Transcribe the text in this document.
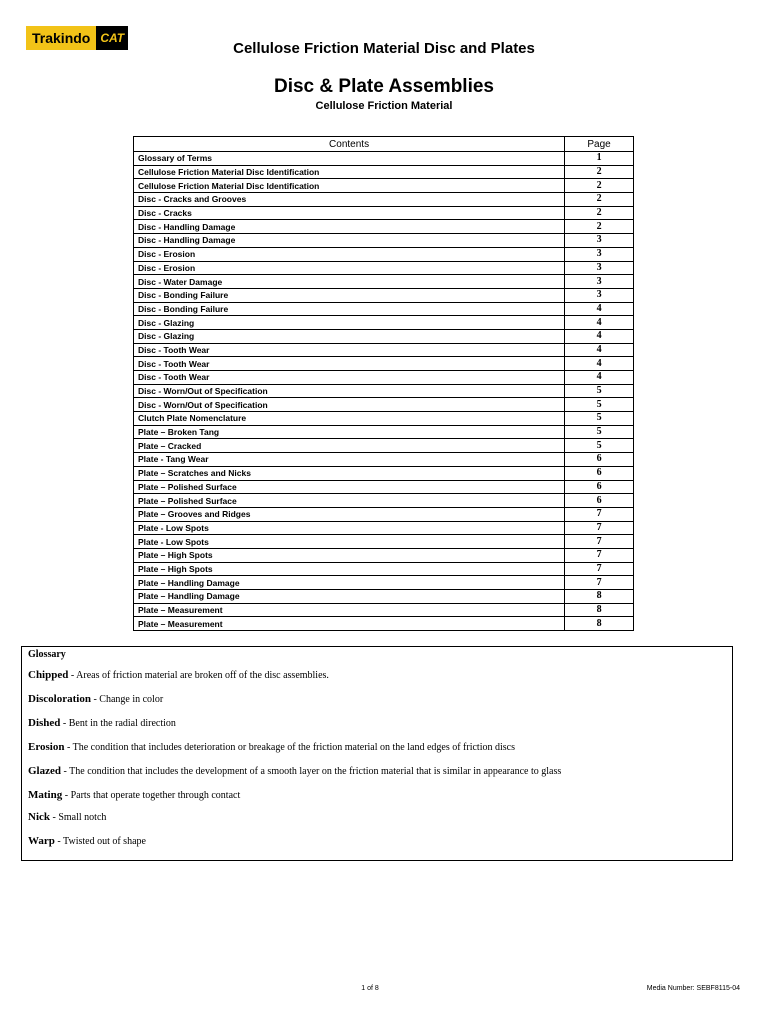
Trakindo CAT
Cellulose Friction Material Disc and Plates
Disc & Plate Assemblies
Cellulose Friction Material
Contents	Page
Glossary of Terms	1
Cellulose Friction Material Disc Identification	2
Cellulose Friction Material Disc Identification	2
Disc - Cracks and Grooves	2
Disc - Cracks	2
Disc - Handling Damage	2
Disc - Handling Damage	3
Disc - Erosion	3
Disc - Erosion	3
Disc - Water Damage	3
Disc - Bonding Failure	3
Disc - Bonding Failure	4
Disc - Glazing	4
Disc - Glazing	4
Disc - Tooth Wear	4
Disc - Tooth Wear	4
Disc - Tooth Wear	4
Disc - Worn/Out of Specification	5
Disc - Worn/Out of Specification	5
Clutch Plate Nomenclature	5
Plate – Broken Tang	5
Plate – Cracked	5
Plate - Tang Wear	6
Plate – Scratches and Nicks	6
Plate – Polished Surface	6
Plate – Polished Surface	6
Plate – Grooves and Ridges	7
Plate - Low Spots	7
Plate - Low Spots	7
Plate – High Spots	7
Plate – High Spots	7
Plate – Handling Damage	7
Plate – Handling Damage	8
Plate – Measurement	8
Plate – Measurement	8
Glossary
Chipped - Areas of friction material are broken off of the disc assemblies.
Discoloration - Change in color
Dished - Bent in the radial direction
Erosion - The condition that includes deterioration or breakage of the friction material on the land edges of friction discs
Glazed - The condition that includes the development of a smooth layer on the friction material that is similar in appearance to glass
Mating - Parts that operate together through contact
Nick - Small notch
Warp - Twisted out of shape
1 of 8	Media Number: SEBF8115-04
